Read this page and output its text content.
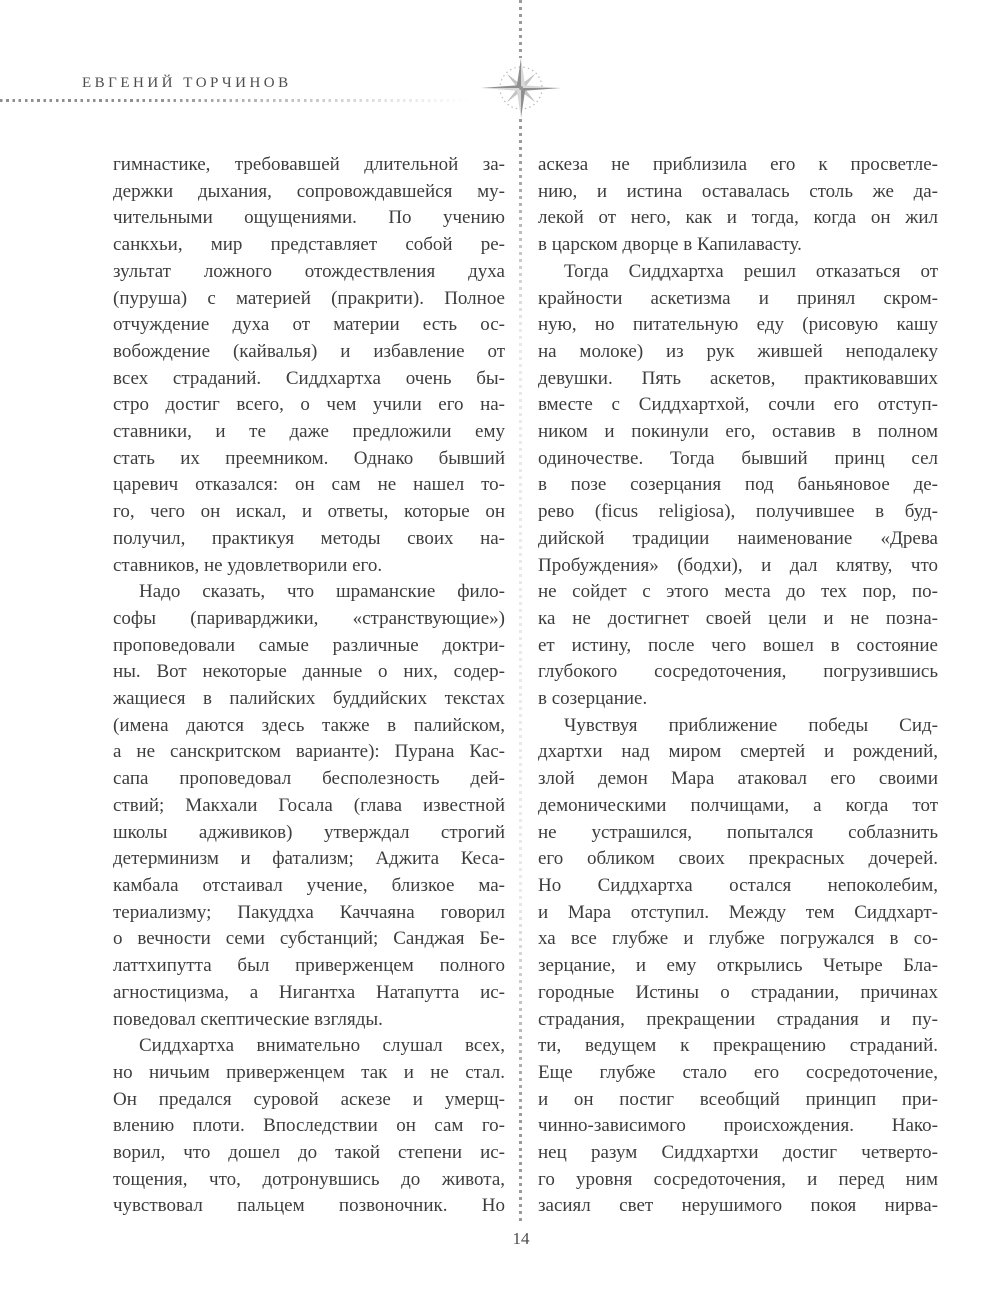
ЕВГЕНИЙ ТОРЧИНОВ
гимнастике, требовавшей длительной за-
держки дыхания, сопровождавшейся му-
чительными ощущениями. По учению
санкхьи, мир представляет собой ре-
зультат ложного отождествления духа
(пуруша) с материей (пракрити). Полное
отчуждение духа от материи есть ос-
вобождение (кайвалья) и избавление от
всех страданий. Сиддхартха очень бы-
стро достиг всего, о чем учили его на-
ставники, и те даже предложили ему
стать их преемником. Однако бывший
царевич отказался: он сам не нашел то-
го, чего он искал, и ответы, которые он
получил, практикуя методы своих на-
ставников, не удовлетворили его.
Надо сказать, что шраманские фило-
софы (париварджики, «странствующие»)
проповедовали самые различные доктри-
ны. Вот некоторые данные о них, содер-
жащиеся в палийских буддийских текстах
(имена даются здесь также в палийском,
а не санскритском варианте): Пурана Кас-
сапа проповедовал бесполезность дей-
ствий; Макхали Госала (глава известной
школы адживиков) утверждал строгий
детерминизм и фатализм; Аджита Кеса-
камбала отстаивал учение, близкое ма-
териализму; Пакуддха Каччаяна говорил
о вечности семи субстанций; Санджая Бе-
латтхипутта был приверженцем полного
агностицизма, а Нигантха Натапутта ис-
поведовал скептические взгляды.
Сиддхартха внимательно слушал всех,
но ничьим приверженцем так и не стал.
Он предался суровой аскезе и умерщ-
влению плоти. Впоследствии он сам го-
ворил, что дошел до такой степени ис-
тощения, что, дотронувшись до живота,
чувствовал пальцем позвоночник. Но
аскеза не приблизила его к просветле-
нию, и истина оставалась столь же да-
лекой от него, как и тогда, когда он жил
в царском дворце в Капилавасту.
Тогда Сиддхартха решил отказаться от
крайности аскетизма и принял скром-
ную, но питательную еду (рисовую кашу
на молоке) из рук жившей неподалеку
девушки. Пять аскетов, практиковавших
вместе с Сиддхартхой, сочли его отступ-
ником и покинули его, оставив в полном
одиночестве. Тогда бывший принц сел
в позе созерцания под баньяновое де-
рево (ficus religiosa), получившее в буд-
дийской традиции наименование «Древа
Пробуждения» (бодхи), и дал клятву, что
не сойдет с этого места до тех пор, по-
ка не достигнет своей цели и не позна-
ет истину, после чего вошел в состояние
глубокого сосредоточения, погрузившись
в созерцание.
Чувствуя приближение победы Сид-
дхартхи над миром смертей и рождений,
злой демон Мара атаковал его своими
демоническими полчищами, а когда тот
не устрашился, попытался соблазнить
его обликом своих прекрасных дочерей.
Но Сиддхартха остался непоколебим,
и Мара отступил. Между тем Сиддхарт-
ха все глубже и глубже погружался в со-
зерцание, и ему открылись Четыре Бла-
городные Истины о страдании, причинах
страдания, прекращении страдания и пу-
ти, ведущем к прекращению страданий.
Еще глубже стало его сосредоточение,
и он постиг всеобщий принцип при-
чинно-зависимого происхождения. Нако-
нец разум Сиддхартхи достиг четверто-
го уровня сосредоточения, и перед ним
засиял свет нерушимого покоя нирва-
14
